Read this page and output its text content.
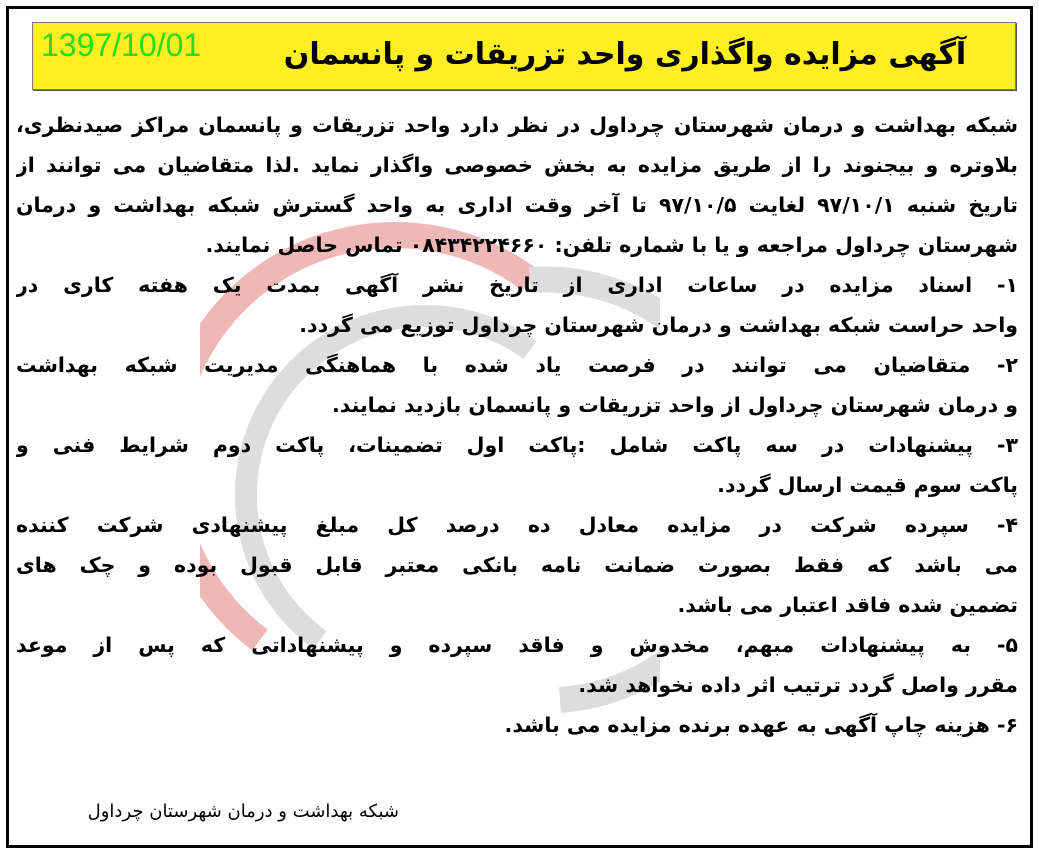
1397/10/01	آگهی مزایده واگذاری واحد تزریقات و پانسمان
شبکه بهداشت و درمان شهرستان چرداول در نظر دارد واحد تزریقات و پانسمان مراکز صیدنظری،
بلاوتره و بیجنوند را از طریق مزایده به بخش خصوصی واگذار نماید .لذا متقاضیان می توانند از
تاریخ شنبه ۹۷/۱۰/۱ لغایت ۹۷/۱۰/۵ تا آخر وقت اداری به واحد گسترش شبکه بهداشت و درمان
شهرستان چرداول مراجعه و یا با شماره تلفن: ۰۸۴۳۴۲۲۴۶۶۰ تماس حاصل نمایند.
۱- اسناد مزایده در ساعات اداری از تاریخ نشر آگهی بمدت یک هفته کاری در
واحد حراست شبکه بهداشت و درمان شهرستان چرداول توزیع می گردد.
۲- متقاضیان می توانند در فرصت یاد شده با هماهنگی مدیریت شبکه بهداشت
و درمان شهرستان چرداول از واحد تزریقات و پانسمان بازدید نمایند.
۳- پیشنهادات در سه پاکت شامل :پاکت اول تضمینات، پاکت دوم شرایط فنی و
پاکت سوم قیمت ارسال گردد.
۴- سپرده شرکت در مزایده معادل ده درصد کل مبلغ پیشنهادی شرکت کننده
می باشد که فقط بصورت ضمانت نامه بانکی معتبر قابل قبول بوده و چک های
تضمین شده فاقد اعتبار می باشد.
۵- به پیشنهادات مبهم، مخدوش و فاقد سپرده و پیشنهاداتی که پس از موعد
مقرر واصل گردد ترتیب اثر داده نخواهد شد.
۶- هزینه چاپ آگهی به عهده برنده مزایده می باشد.
شبکه بهداشت و درمان شهرستان چرداول
